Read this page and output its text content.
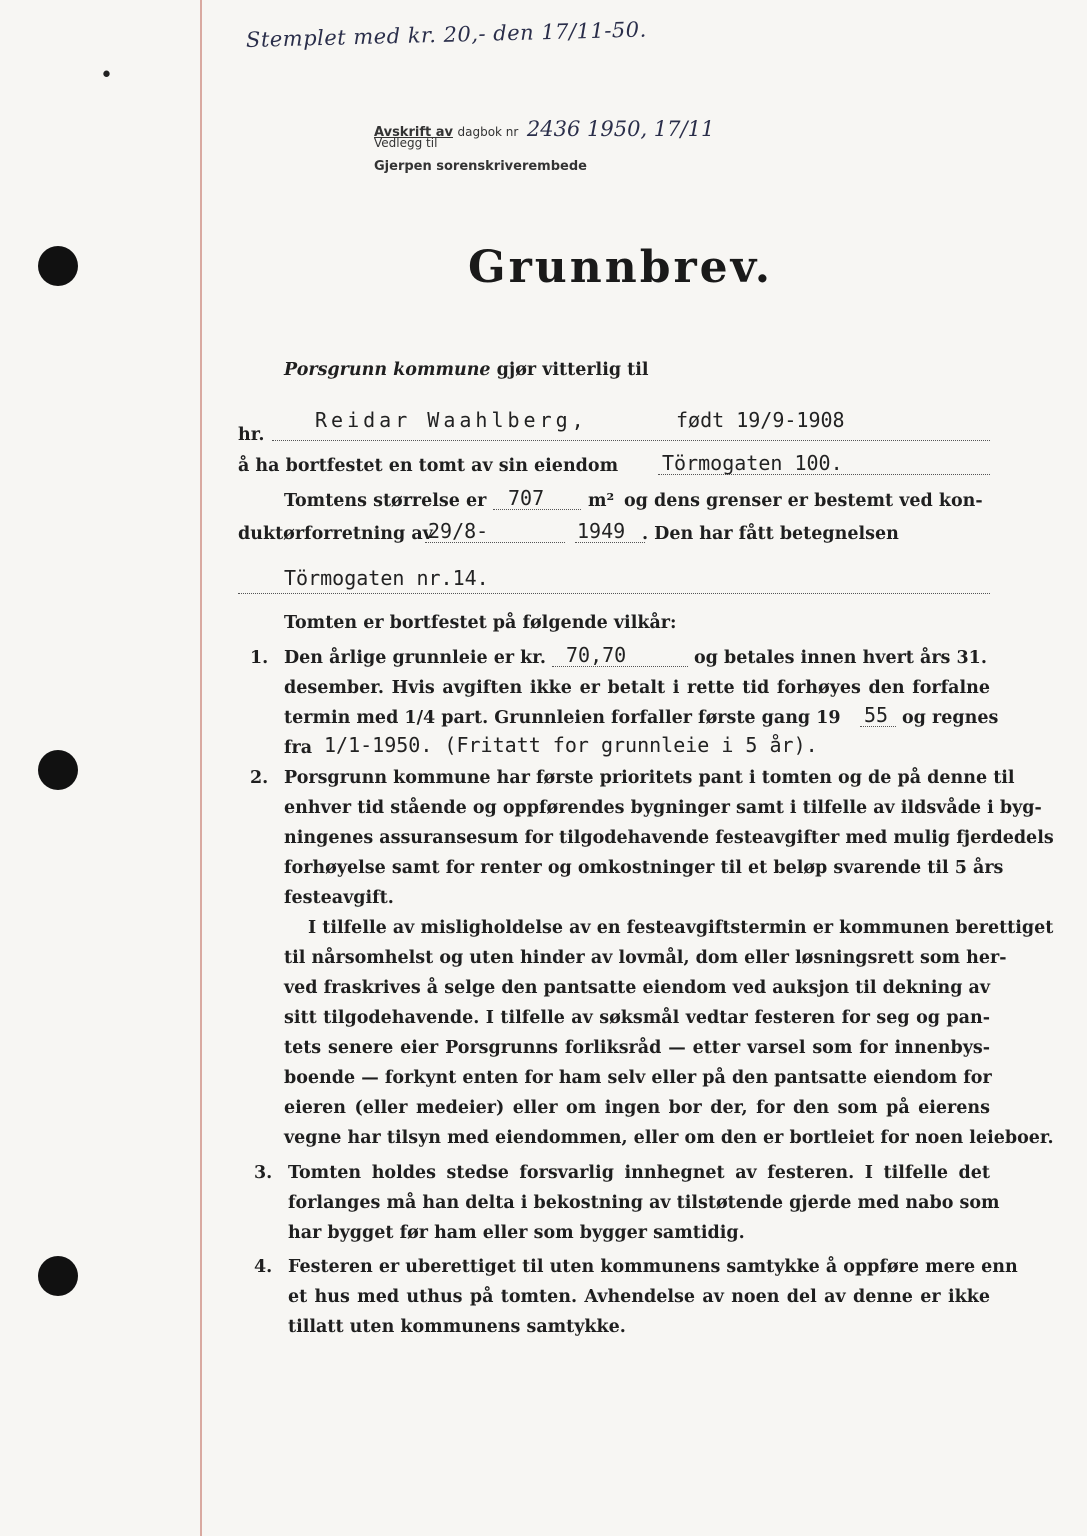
•
Stemplet med kr. 20,- den 17/11-50.
Avskrift av dagbok nr 2436 1950, 17/11
Vedlegg til
Gjerpen sorenskriverembede
Grunnbrev.
Porsgrunn kommune gjør vitterlig til
hr.
Reidar Waahlberg,	født 19/9-1908
å ha bortfestet en tomt av sin eiendom Törmogaten 100.
Tomtens størrelse er 707	m² og dens grenser er bestemt ved kon-
duktørforretning av
29/8-	1949 . Den har fått betegnelsen
Törmogaten nr.14.
Tomten er bortfestet på følgende vilkår:
1. Den årlige grunnleie er kr. 70,70	og betales innen hvert års 31.
desember. Hvis avgiften ikke er betalt i rette tid forhøyes den forfalne
termin med 1/4 part. Grunnleien forfaller første gang 19 55 og regnes
fra 1/1-1950. (Fritatt for grunnleie i 5 år).
2. Porsgrunn kommune har første prioritets pant i tomten og de på denne til
enhver tid stående og oppførendes bygninger samt i tilfelle av ildsvåde i byg-
ningenes assuransesum for tilgodehavende festeavgifter med mulig fjerdedels
forhøyelse samt for renter og omkostninger til et beløp svarende til 5 års
festeavgift.
I tilfelle av misligholdelse av en festeavgiftstermin er kommunen berettiget
til nårsomhelst og uten hinder av lovmål, dom eller løsningsrett som her-
ved fraskrives å selge den pantsatte eiendom ved auksjon til dekning av
sitt tilgodehavende. I tilfelle av søksmål vedtar festeren for seg og pan-
tets senere eier Porsgrunns forliksråd — etter varsel som for innenbys-
boende — forkynt enten for ham selv eller på den pantsatte eiendom for
eieren (eller medeier) eller om ingen bor der, for den som på eierens
vegne har tilsyn med eiendommen, eller om den er bortleiet for noen leieboer.
3. Tomten holdes stedse forsvarlig innhegnet av festeren. I tilfelle det
forlanges må han delta i bekostning av tilstøtende gjerde med nabo som
har bygget før ham eller som bygger samtidig.
4. Festeren er uberettiget til uten kommunens samtykke å oppføre mere enn
et hus med uthus på tomten. Avhendelse av noen del av denne er ikke
tillatt uten kommunens samtykke.
